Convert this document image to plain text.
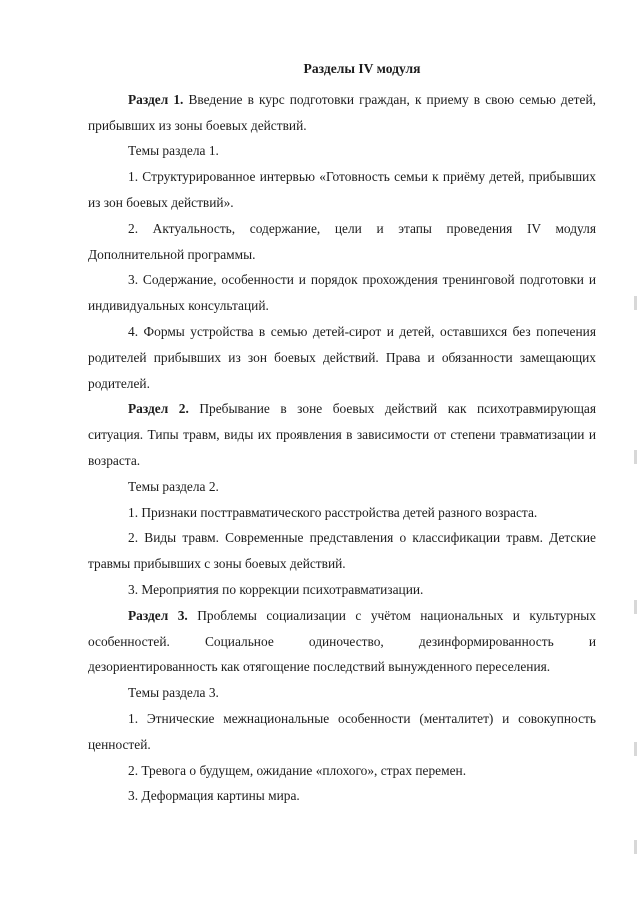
Разделы IV модуля

Раздел 1. Введение в курс подготовки граждан, к приему в свою семью детей, прибывших из зоны боевых действий.

Темы раздела 1.

1. Структурированное интервью «Готовность семьи к приёму детей, прибывших из зон боевых действий».

2. Актуальность, содержание, цели и этапы проведения IV модуля Дополнительной программы.

3. Содержание, особенности и порядок прохождения тренинговой подготовки и индивидуальных консультаций.

4. Формы устройства в семью детей-сирот и детей, оставшихся без попечения родителей прибывших из зон боевых действий. Права и обязанности замещающих родителей.

Раздел 2. Пребывание в зоне боевых действий как психотравмирующая ситуация. Типы травм, виды их проявления в зависимости от степени травматизации и возраста.

Темы раздела 2.

1. Признаки посттравматического расстройства детей разного возраста.

2. Виды травм. Современные представления о классификации травм. Детские травмы прибывших с зоны боевых действий.

3. Мероприятия по коррекции психотравматизации.

Раздел 3. Проблемы социализации с учётом национальных и культурных особенностей. Социальное одиночество, дезинформированность и дезориентированность как отягощение последствий вынужденного переселения.

Темы раздела 3.

1. Этнические межнациональные особенности (менталитет) и совокупность ценностей.

2. Тревога о будущем, ожидание «плохого», страх перемен.

3. Деформация картины мира.
